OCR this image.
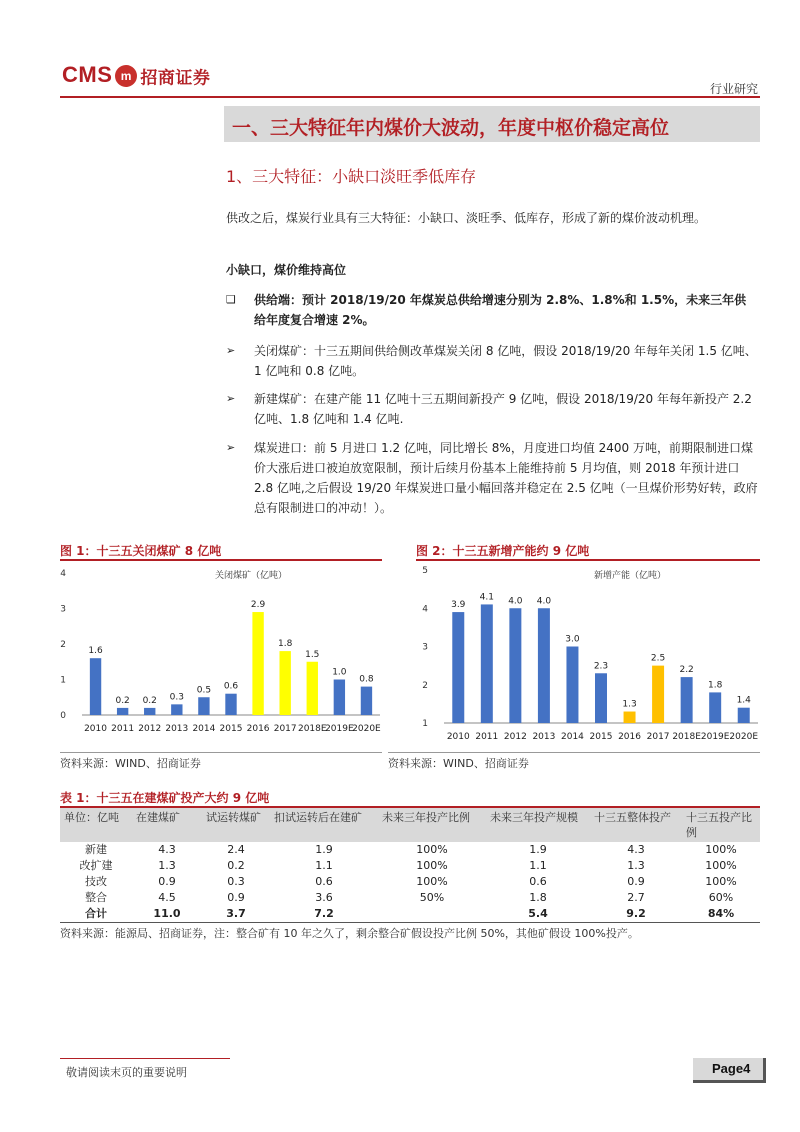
CMS m 招商证券
行业研究
一、三大特征年内煤价大波动，年度中枢价稳定高位
1、三大特征：小缺口淡旺季低库存
供改之后，煤炭行业具有三大特征：小缺口、淡旺季、低库存，形成了新的煤价波动机理。
小缺口，煤价维持高位
❑ 供给端：预计 2018/19/20 年煤炭总供给增速分别为 2.8%、1.8%和 1.5%，未来三年供给年度复合增速 2%。
➢ 关闭煤矿：十三五期间供给侧改革煤炭关闭 8 亿吨，假设 2018/19/20 年每年关闭 1.5 亿吨、1 亿吨和 0.8 亿吨。
➢ 新建煤矿：在建产能 11 亿吨十三五期间新投产 9 亿吨，假设 2018/19/20 年每年新投产 2.2 亿吨、1.8 亿吨和 1.4 亿吨.
➢ 煤炭进口：前 5 月进口 1.2 亿吨，同比增长 8%，月度进口均值 2400 万吨，前期限制进口煤价大涨后进口被迫放宽限制，预计后续月份基本上能维持前 5 月均值，则 2018 年预计进口 2.8 亿吨,之后假设 19/20 年煤炭进口量小幅回落并稳定在 2.5 亿吨（一旦煤价形势好转，政府总有限制进口的冲动！）。
图 1：十三五关闭煤矿 8 亿吨	图 2：十三五新增产能约 9 亿吨
关闭煤矿（亿吨）
0
1
2
3
4
1.6
0.2 0.2 0.3
0.5 0.6
2.9
1.8
1.5
1.0
0.8
2010 2011 2012 2013 2014 2015 2016 2017 2018E
2019E
2020E
新增产能（亿吨）
1
2
3
4
5
3.9
4.1 4.0 4.0
3.0
2.3
1.3
2.5
2.2
1.8
1.4
2010 2011 2012 2013 2014 2015 2016 2017 2018E 2019E 2020E
资料来源：WIND、招商证券	资料来源：WIND、招商证券
表 1：十三五在建煤矿投产大约 9 亿吨
单位：亿吨	在建煤矿	试运转煤矿	扣试运转后在建矿	未来三年投产比例	未来三年投产规模	十三五整体投产	十三五投产比例
新建	4.3	2.4	1.9	100%	1.9	4.3	100%
改扩建	1.3	0.2	1.1	100%	1.1	1.3	100%
技改	0.9	0.3	0.6	100%	0.6	0.9	100%
整合	4.5	0.9	3.6	50%	1.8	2.7	60%
合计	11.0	3.7	7.2		5.4	9.2	84%
资料来源：能源局、招商证券，注：整合矿有 10 年之久了，剩余整合矿假设投产比例 50%，其他矿假设 100%投产。
敬请阅读末页的重要说明	Page4
